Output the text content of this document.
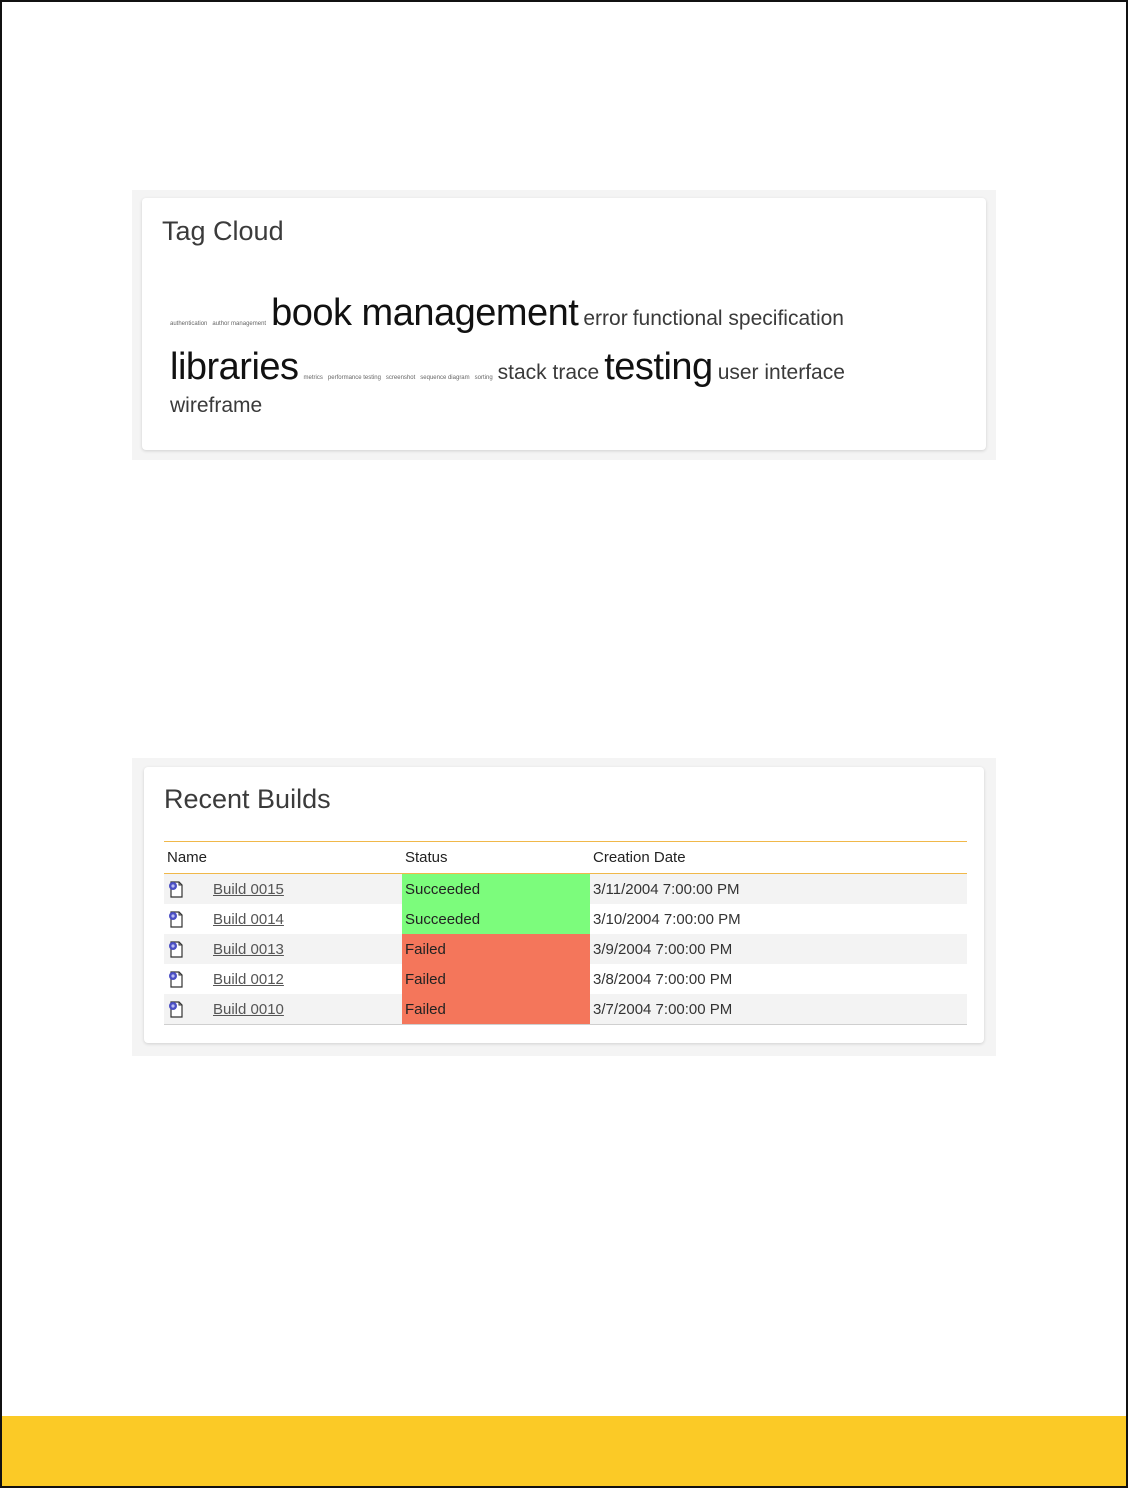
Tag Cloud
authentication author management book management error functional specification
libraries metrics performance testing screenshot sequence diagram sorting stack trace testing user interface
wireframe
Recent Builds
Name	Status	Creation Date

Build 0015	Succeeded	3/11/2004 7:00:00 PM

Build 0014	Succeeded	3/10/2004 7:00:00 PM

Build 0013	Failed	3/9/2004 7:00:00 PM

Build 0012	Failed	3/8/2004 7:00:00 PM

Build 0010	Failed	3/7/2004 7:00:00 PM
